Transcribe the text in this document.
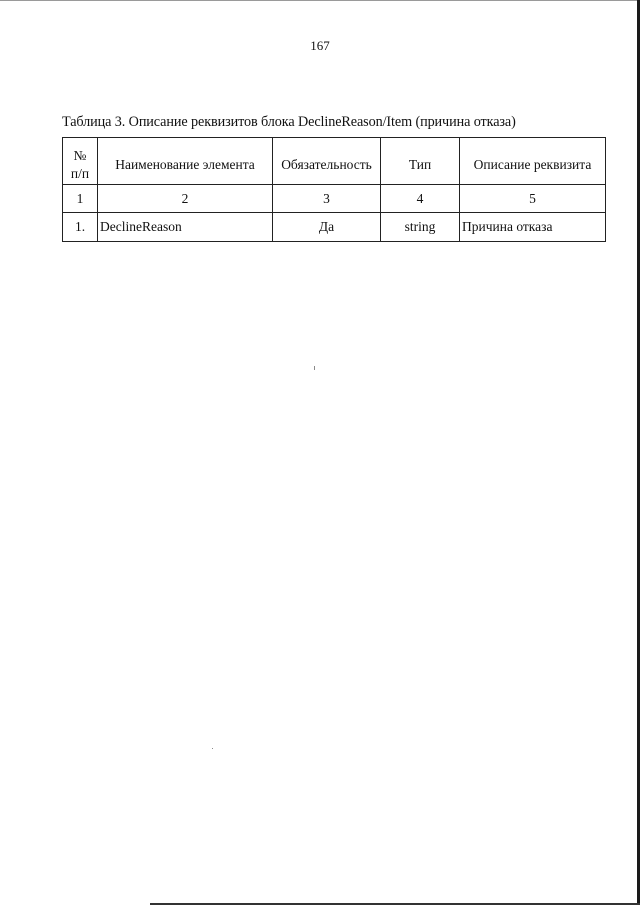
167
Таблица 3. Описание реквизитов блока DeclineReason/Item (причина отказа)
№
п/п	Наименование элемента	Обязательность	Тип	Описание реквизита

1	2	3	4	5
1.	DeclineReason	Да	string	Причина отказа
